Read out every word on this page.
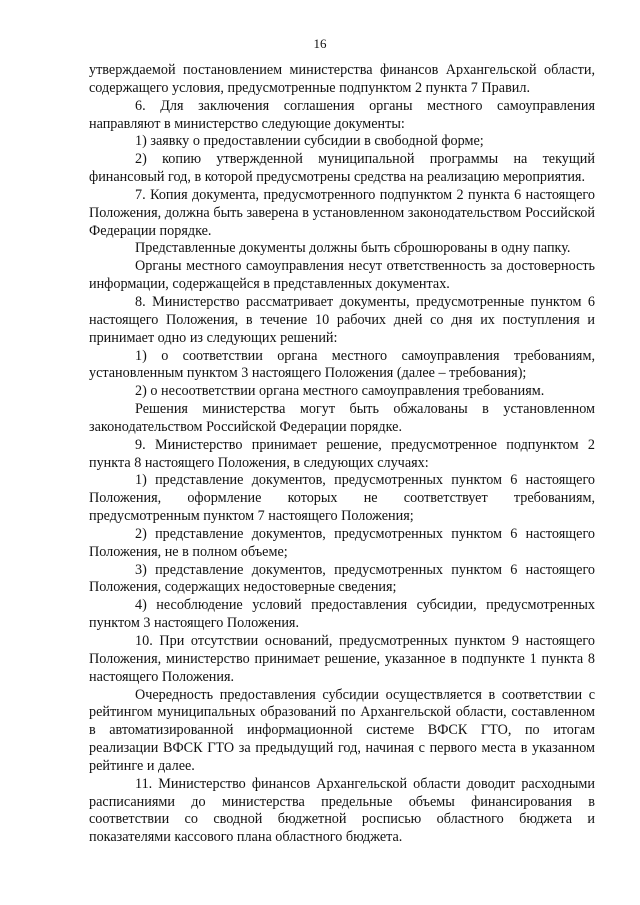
16

утверждаемой постановлением министерства финансов Архангельской области, содержащего условия, предусмотренные подпунктом 2 пункта 7 Правил.

6. Для заключения соглашения органы местного самоуправления направляют в министерство следующие документы:

1) заявку о предоставлении субсидии в свободной форме;

2) копию утвержденной муниципальной программы на текущий финансовый год, в которой предусмотрены средства на реализацию мероприятия.

7. Копия документа, предусмотренного подпунктом 2 пункта 6 настоящего Положения, должна быть заверена в установленном законодательством Российской Федерации порядке.

Представленные документы должны быть сброшюрованы в одну папку.

Органы местного самоуправления несут ответственность за достоверность информации, содержащейся в представленных документах.

8. Министерство рассматривает документы, предусмотренные пунктом 6 настоящего Положения, в течение 10 рабочих дней со дня их поступления и принимает одно из следующих решений:

1) о соответствии органа местного самоуправления требованиям, установленным пунктом 3 настоящего Положения (далее – требования);

2) о несоответствии органа местного самоуправления требованиям.

Решения министерства могут быть обжалованы в установленном законодательством Российской Федерации порядке.

9. Министерство принимает решение, предусмотренное подпунктом 2 пункта 8 настоящего Положения, в следующих случаях:

1) представление документов, предусмотренных пунктом 6 настоящего Положения, оформление которых не соответствует требованиям, предусмотренным пунктом 7 настоящего Положения;

2) представление документов, предусмотренных пунктом 6 настоящего Положения, не в полном объеме;

3) представление документов, предусмотренных пунктом 6 настоящего Положения, содержащих недостоверные сведения;

4) несоблюдение условий предоставления субсидии, предусмотренных пунктом 3 настоящего Положения.

10. При отсутствии оснований, предусмотренных пунктом 9 настоящего Положения, министерство принимает решение, указанное в подпункте 1 пункта 8 настоящего Положения.

Очередность предоставления субсидии осуществляется в соответствии с рейтингом муниципальных образований по Архангельской области, составленном в автоматизированной информационной системе ВФСК ГТО, по итогам реализации ВФСК ГТО за предыдущий год, начиная с первого места в указанном рейтинге и далее.

11. Министерство финансов Архангельской области доводит расходными расписаниями до министерства предельные объемы финансирования в соответствии со сводной бюджетной росписью областного бюджета и показателями кассового плана областного бюджета.
